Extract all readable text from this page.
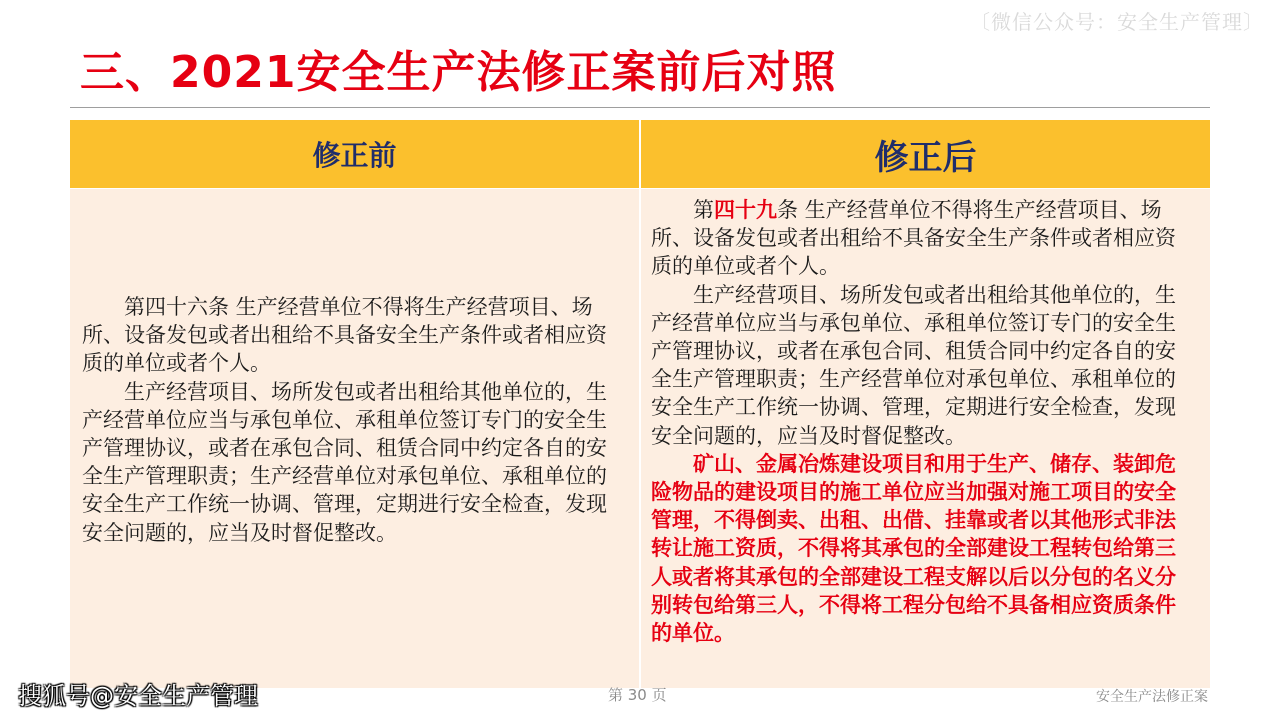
〔微信公众号：安全生产管理〕
三、2021安全生产法修正案前后对照
修正前	修正后

第四十六条 生产经营单位不得将生产经营项目、场所、设备发包或者出租给不具备安全生产条件或者相应资质的单位或者个人。

生产经营项目、场所发包或者出租给其他单位的，生产经营单位应当与承包单位、承租单位签订专门的安全生产管理协议，或者在承包合同、租赁合同中约定各自的安全生产管理职责；生产经营单位对承包单位、承租单位的安全生产工作统一协调、管理，定期进行安全检查，发现安全问题的，应当及时督促整改。

第四十九条 生产经营单位不得将生产经营项目、场所、设备发包或者出租给不具备安全生产条件或者相应资质的单位或者个人。

生产经营项目、场所发包或者出租给其他单位的，生产经营单位应当与承包单位、承租单位签订专门的安全生产管理协议，或者在承包合同、租赁合同中约定各自的安全生产管理职责；生产经营单位对承包单位、承租单位的安全生产工作统一协调、管理，定期进行安全检查，发现安全问题的，应当及时督促整改。

矿山、金属冶炼建设项目和用于生产、储存、装卸危险物品的建设项目的施工单位应当加强对施工项目的安全管理，不得倒卖、出租、出借、挂靠或者以其他形式非法转让施工资质，不得将其承包的全部建设工程转包给第三人或者将其承包的全部建设工程支解以后以分包的名义分别转包给第三人，不得将工程分包给不具备相应资质条件的单位。

第 30 页	安全生产法修正案
搜狐号@安全生产管理
